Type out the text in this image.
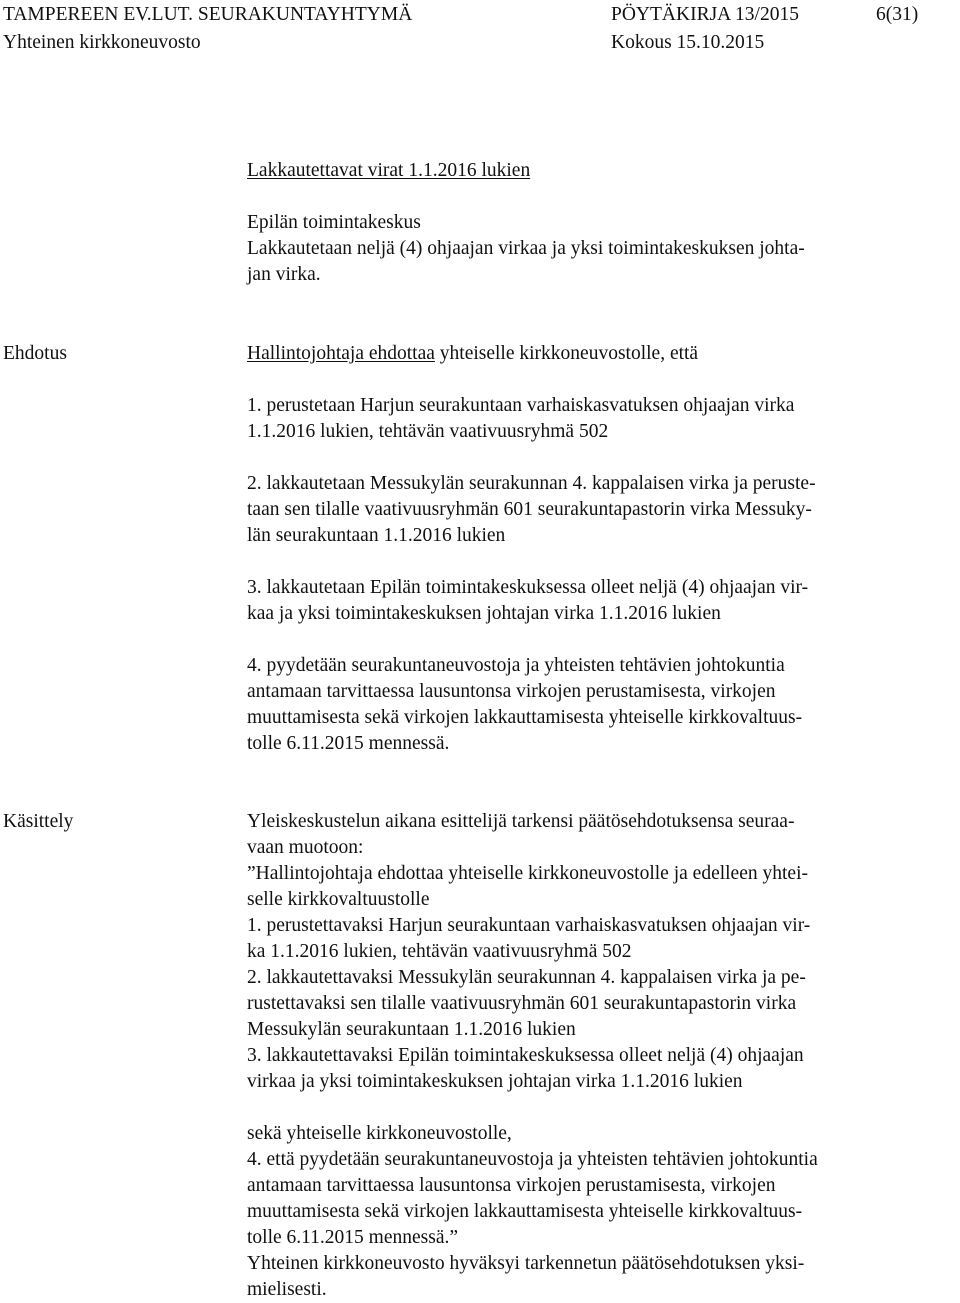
TAMPEREEN EV.LUT. SEURAKUNTAYHTYMÄ
Yhteinen kirkkoneuvosto
PÖYTÄKIRJA 13/2015
Kokous 15.10.2015
6(31)
Lakkautettavat virat 1.1.2016 lukien
Epilän toimintakeskus
Lakkautetaan neljä (4) ohjaajan virkaa ja yksi toimintakeskuksen johta-
jan virka.
Ehdotus	Hallintojohtaja ehdottaa yhteiselle kirkkoneuvostolle, että
1. perustetaan Harjun seurakuntaan varhaiskasvatuksen ohjaajan virka
1.1.2016 lukien, tehtävän vaativuusryhmä 502
2. lakkautetaan Messukylän seurakunnan 4. kappalaisen virka ja peruste-
taan sen tilalle vaativuusryhmän 601 seurakuntapastorin virka Messuky-
län seurakuntaan 1.1.2016 lukien
3. lakkautetaan Epilän toimintakeskuksessa olleet neljä (4) ohjaajan vir-
kaa ja yksi toimintakeskuksen johtajan virka 1.1.2016 lukien
4. pyydetään seurakuntaneuvostoja ja yhteisten tehtävien johtokuntia
antamaan tarvittaessa lausuntonsa virkojen perustamisesta, virkojen
muuttamisesta sekä virkojen lakkauttamisesta yhteiselle kirkkovaltuus-
tolle 6.11.2015 mennessä.
Käsittely	Yleiskeskustelun aikana esittelijä tarkensi päätösehdotuksensa seuraa-
vaan muotoon:
”Hallintojohtaja ehdottaa yhteiselle kirkkoneuvostolle ja edelleen yhtei-
selle kirkkovaltuustolle
1. perustettavaksi Harjun seurakuntaan varhaiskasvatuksen ohjaajan vir-
ka 1.1.2016 lukien, tehtävän vaativuusryhmä 502
2. lakkautettavaksi Messukylän seurakunnan 4. kappalaisen virka ja pe-
rustettavaksi sen tilalle vaativuusryhmän 601 seurakuntapastorin virka
Messukylän seurakuntaan 1.1.2016 lukien
3. lakkautettavaksi Epilän toimintakeskuksessa olleet neljä (4) ohjaajan
virkaa ja yksi toimintakeskuksen johtajan virka 1.1.2016 lukien
sekä yhteiselle kirkkoneuvostolle,
4. että pyydetään seurakuntaneuvostoja ja yhteisten tehtävien johtokuntia
antamaan tarvittaessa lausuntonsa virkojen perustamisesta, virkojen
muuttamisesta sekä virkojen lakkauttamisesta yhteiselle kirkkovaltuus-
tolle 6.11.2015 mennessä.”
Yhteinen kirkkoneuvosto hyväksyi tarkennetun päätösehdotuksen yksi-
mielisesti.
